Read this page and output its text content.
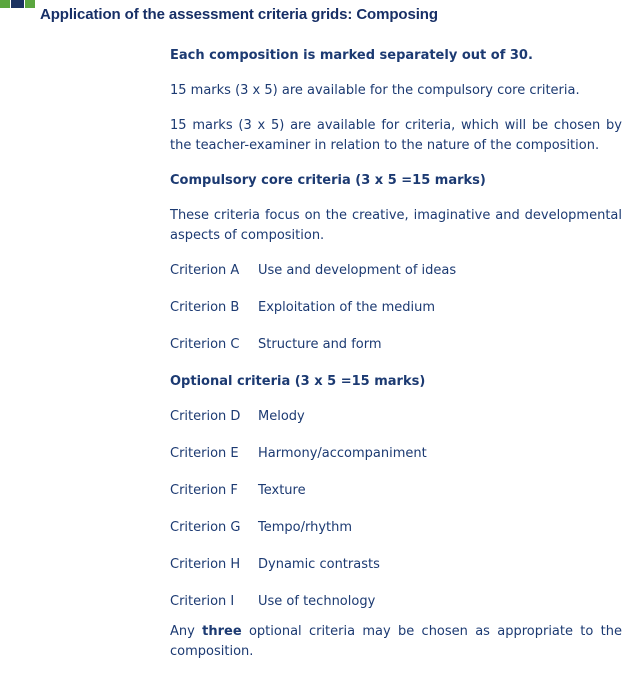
Application of the assessment criteria grids: Composing

Each composition is marked separately out of 30.

15 marks (3 x 5) are available for the compulsory core criteria.

15 marks (3 x 5) are available for criteria, which will be chosen by the teacher-examiner in relation to the nature of the composition.

Compulsory core criteria (3 x 5 =15 marks)

These criteria focus on the creative, imaginative and developmental aspects of composition.

Criterion A	Use and development of ideas
Criterion B	Exploitation of the medium
Criterion C	Structure and form

Optional criteria (3 x 5 =15 marks)

Criterion D	Melody
Criterion E	Harmony/accompaniment
Criterion F	Texture
Criterion G	Tempo/rhythm
Criterion H	Dynamic contrasts
Criterion I	Use of technology

Any three optional criteria may be chosen as appropriate to the composition.
